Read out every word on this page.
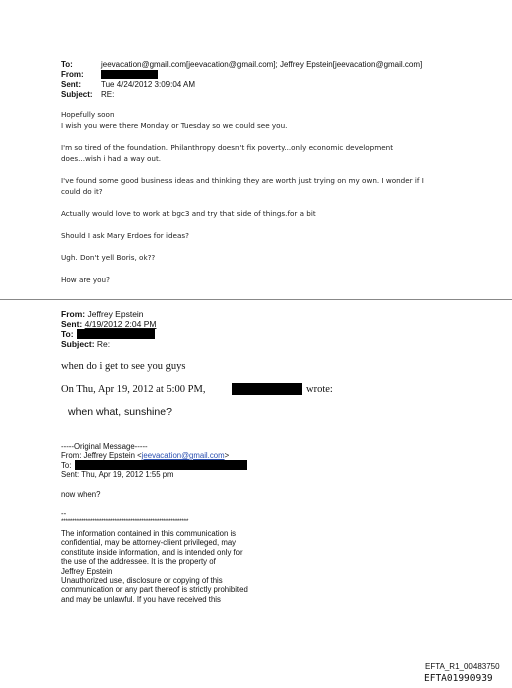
To:	jeevacation@gmail.com[jeevacation@gmail.com]; Jeffrey Epstein[jeevacation@gmail.com]
From:
Sent:	Tue 4/24/2012 3:09:04 AM
Subject: RE:
Hopefully soon
I wish you were there Monday or Tuesday so we could see you.
I'm so tired of the foundation. Philanthropy doesn't fix poverty...only economic development
does...wish i had a way out.
I've found some good business ideas and thinking they are worth just trying on my own. I wonder if I
could do it?
Actually would love to work at bgc3 and try that side of things.for a bit
Should I ask Mary Erdoes for ideas?
Ugh. Don't yell Boris, ok??
How are you?
From: Jeffrey Epstein
Sent: 4/19/2012 2:04 PM
To:
Subject: Re:
when do i get to see you guys
On Thu, Apr 19, 2012 at 5:00 PM,	wrote:
when what, sunshine?
-----Original Message-----
From: Jeffrey Epstein <jeevacation@gmail.com>
To:
Sent: Thu, Apr 19, 2012 1:55 pm
now when?
--
*********************************************************
The information contained in this communication is
confidential, may be attorney-client privileged, may
constitute inside information, and is intended only for
the use of the addressee. It is the property of
Jeffrey Epstein
Unauthorized use, disclosure or copying of this
communication or any part thereof is strictly prohibited
and may be unlawful. If you have received this
EFTA_R1_00483750
EFTA01990939
